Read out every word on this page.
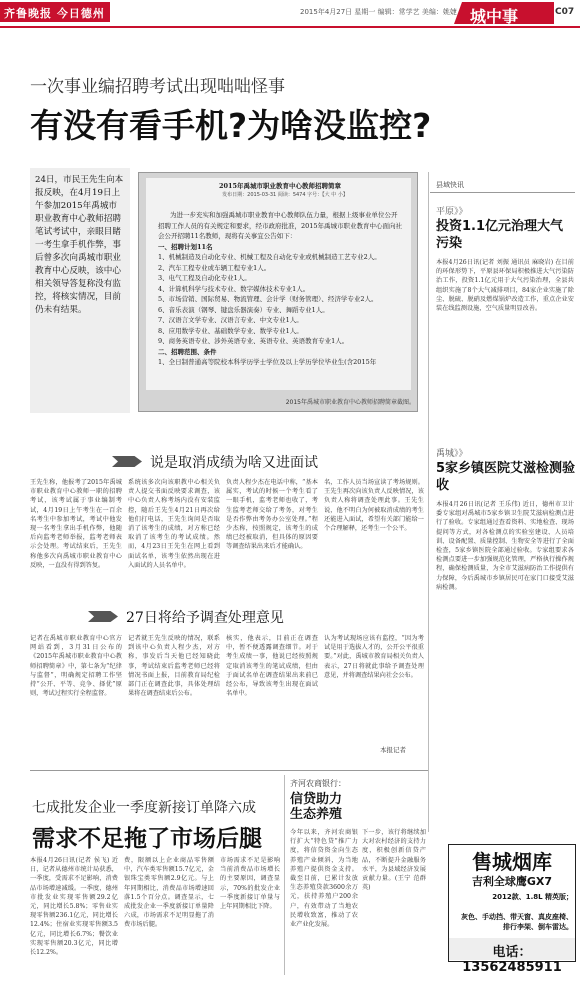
齐鲁晚报 今日德州	2015年4月27日 星期一 编辑：常学艺 美编：姚婕 城中事	C07
一次事业编招聘考试出现咄咄怪事
有没有看手机?为啥没监控?
24日，市民王先生向本报反映，在4月19日上午参加2015年禹城市职业教育中心教师招聘笔试考试中，亲眼目睹一考生拿手机作弊，事后曾多次向禹城市职业教育中心反映，该中心相关领导答复称没有监控，将核实情况，目前仍未有结果。
2015年禹城市职业教育中心教师招聘简章
发布日期：2015-03-31 阅读：5474 字号：【大 中 小】
为进一步充实和加强禹城市职业教育中心教师队伍力量，根据上级事业单位公开招聘工作人员的有关规定和要求，经市政府批准，2015年禹城市职业教育中心面向社会公开招聘11名教师，现将有关事宜公告如下：
一、招聘计划11名
1、机械制造及自动化专业、机械工程及自动化专业或机械制造工艺专业2人。
2、汽车工程专业或车辆工程专业1人。
3、电气工程及自动化专业1人。
4、计算机科学与技术专业、数字媒体技术专业1人。
5、市场营销、国际贸易、物流管理、会计学（财务管理）、经济学专业2人。
6、音乐表演（钢琴、键盘乐器演奏）专业、舞蹈专业1人。
7、汉语言文学专业、汉语言专业、中文专业1人。
8、应用数学专业、基础数学专业、数学专业1人。
9、商务英语专业、涉外英语专业、英语专业、英语教育专业1人。
二、招聘范围、条件
1、全日制普通高等院校本科学历学士学位及以上学历学位毕业生(含2015年
2015年禹城市职业教育中心教师招聘简章截图。
县域快讯
平原》》
投资1.1亿元治理大气污染
本报4月26日讯(记者 刘振 通讯员 麻晓岩) 在目前的环保形势下，平原县环保局积极推进大气污染防治工作，投资1.1亿元用于大气污染治理，全县共组织实施了8个大气减排项目，84家企业实施了除尘、脱硫、脱硝及燃煤锅炉改造工作，重点企业安装在线监测设施，空气质量明显改善。
禹城》》
5家乡镇医院艾滋检测验收
本报4月26日讯(记者 王乐伟) 近日，德州市卫计委专家组对禹城市5家乡镇卫生院艾滋病检测点进行了验收。专家组通过查看资料、实地检查、现场提问等方式，对各检测点的实验室建设、人员培训、设备配置、质量控制、生物安全等进行了全面检查，5家乡镇医院全部通过验收。专家组要求各检测点要进一步加强规范化管理，严格执行操作规程，确保检测质量，为全市艾滋病防治工作提供有力保障，今后禹城市乡镇居民可在家门口接受艾滋病检测。
说是取消成绩为啥又进面试
王先生称，他报考了2015年禹城市职业教育中心教师一职的招聘考试，该考试属于事业编制考试，4月19日上午考生在一百余名考生中参加考试，考试中他发现一名考生拿出手机作弊，他随后向监考老师举报，监考老师表示会处理。考试结束后，王先生称他多次向禹城市职业教育中心反映，一直没有得到答复。
系统该多次向该职教中心相关负责人提交书面反映要求调查，该中心负责人称考场内没有安装监控，随后王先生4月21日再次给他们打电话，王先生询问是否取消了该考生的成绩，对方称已经取消了该考生的考试成绩。然而，4月23日王先生在网上看到面试名单，该考生依然出现在进入面试的人员名单中。
负责人程少杰在电话中称，“基本属实，考试的时候一个考生看了一眼手机，监考老师也收了，考生监考老师交给了考务，对考生是否作弊由考务办公室处理。”程少杰称，按照规定，该考生的成绩已经被取消，但具体的原因要等调查结果出来后才能确认。
名，工作人员当场宣读了考场规则。王先生再次向该负责人反映情况，该负责人称将调查处理此事。王先生说，他不明白为何被取消成绩的考生还能进入面试，希望有关部门能给一个合理解释，还考生一个公平。
27日将给予调查处理意见
记者在禹城市职业教育中心官方网站看到，3月31日公布的《2015年禹城市职业教育中心教师招聘简章》中，第七条为“纪律与监督”，明确规定招聘工作坚持“公开、平等、竞争、择优”原则，考试过程实行全程监督。
记者就王先生反映的情况，联系到该中心负责人程少杰，对方称，事发后当天他已经知晓此事，考试结束后监考老师已经将情况书面上报，目前教育局纪检部门正在调查此事，具体处理结果将在调查结束后公布。
核实，他表示，目前正在调查中，暂不便透露调查细节。对于考生成绩一事，他说已经按照规定取消该考生的笔试成绩，但由于面试名单在调查结果出来前已经公布，导致该考生出现在面试名单中。
认为考试现场应该有监控，“因为考试是用于选拔人才的，公开公平很重要。”对此，禹城市教育局相关负责人表示，27日将就此事给予调查处理意见，并将调查结果向社会公布。
本报记者
七成批发企业一季度新接订单降六成
需求不足拖了市场后腿
本报4月26日讯(记者 侯飞) 近日，记者从德州市统计局获悉，一季度，受需求不足影响，消费品市场增速减缓。一季度，德州市批发业实现零售额29.2亿元，同比增长5.8%；零售业实现零售额236.1亿元，同比增长12.4%；住宿业实现零售额3.5亿元，同比增长6.7%；餐饮业实现零售额20.3亿元，同比增长12.2%。
费，限额以上企业商品零售额中，汽车类零售额15.7亿元，金银珠宝类零售额2.9亿元。与上年同期相比，消费品市场增速回落1.5个百分点。调查显示，七成批发企业一季度新接订单量降六成，市场需求不足明显拖了消费市场后腿。
市场需求不足是影响当前消费品市场增长的主要原因，调查显示，70%的批发企业一季度新接订单量与上年同期相比下降。
齐河农商银行：
信贷助力
生态养殖
今年以来，齐河农商银行扩大“特色贷”推广力度，将信贷资金向生态养殖产业倾斜，为当地养殖户提供资金支持。截至目前，已累计发放生态养殖贷款3600余万元，扶持养殖户200余户，有效带动了当地农民增收致富，推动了农业产业化发展。
下一步，该行将继续加大对农村经济的支持力度，积极创新信贷产品，不断提升金融服务水平，为县域经济发展贡献力量。(王宁 范群英)
售城烟库
吉利全球鹰GX7
2012款、1.8L 精英版；

灰色、手动挡、带天窗、真皮座椅、排行李架、倒车雷达。
电话：13562485911
